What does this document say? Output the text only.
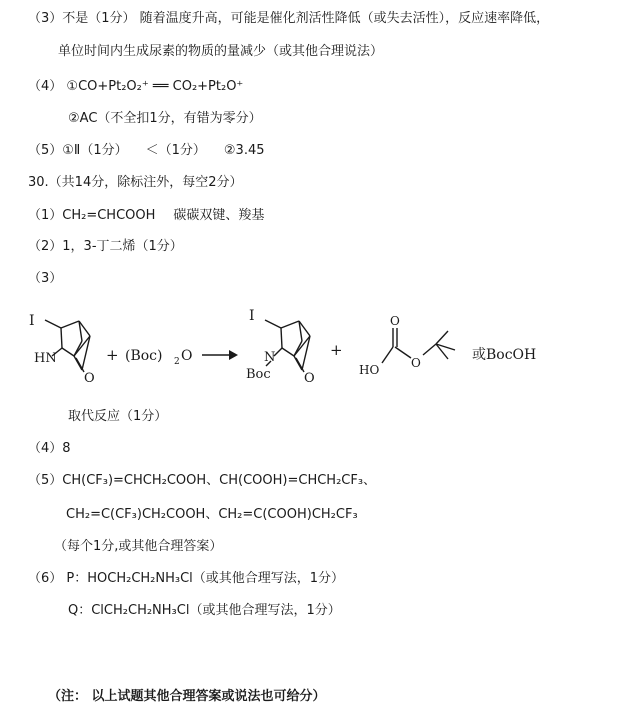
（3）不是（1分） 随着温度升高，可能是催化剂活性降低（或失去活性），反应速率降低，
单位时间内生成尿素的物质的量减少（或其他合理说法）
（4） ①CO+Pt₂O₂⁺ ══ CO₂+Pt₂O⁺
②AC（不全扣1分，有错为零分）
（5）①Ⅱ（1分） ＜（1分） ②3.45
30.（共14分，除标注外，每空2分）
（1）CH₂=CHCOOH 碳碳双键、羧基
（2）1，3-丁二烯（1分）
（3）
I
HN
O
+ (Boc) 2 O
I
N
Boc	O
+
O
HO	O	或BocOH
取代反应（1分）
（4）8
（5）CH(CF₃)=CHCH₂COOH、CH(COOH)=CHCH₂CF₃、
CH₂=C(CF₃)CH₂COOH、CH₂=C(COOH)CH₂CF₃
（每个1分,或其他合理答案）
（6） P：HOCH₂CH₂NH₃Cl（或其他合理写法，1分）
Q：ClCH₂CH₂NH₃Cl（或其他合理写法，1分）
（注： 以上试题其他合理答案或说法也可给分）
